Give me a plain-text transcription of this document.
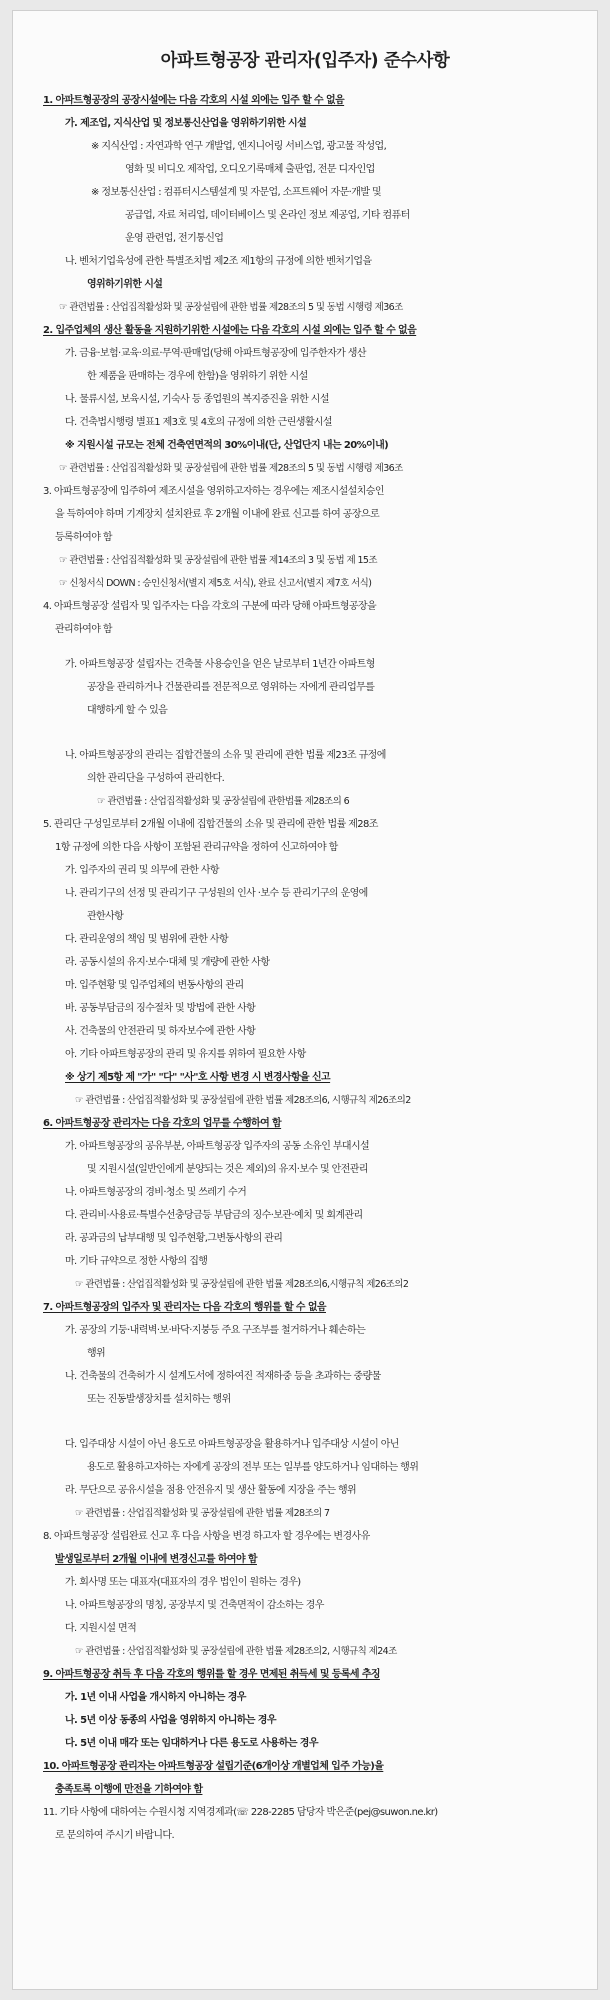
아파트형공장 관리자(입주자) 준수사항
1. 아파트형공장의 공장시설에는 다음 각호의 시설 외에는 입주 할 수 없음
가. 제조업, 지식산업 및 정보통신산업을 영위하기위한 시설
※ 지식산업 : 자연과학 연구 개발업, 엔지니어링 서비스업, 광고물 작성업,
영화 및 비디오 제작업, 오디오기록매체 출판업, 전문 디자인업
※ 정보통신산업 : 컴퓨터시스템설계 및 자문업, 소프트웨어 자문·개발 및
공급업, 자료 처리업, 데이터베이스 및 온라인 정보 제공업, 기타 컴퓨터
운영 관련업, 전기통신업
나. 벤처기업육성에 관한 특별조치법 제2조 제1항의 규정에 의한 벤처기업을
영위하기위한 시설
☞ 관련법률 : 산업집적활성화 및 공장설립에 관한 법률 제28조의 5 및 동법 시행령 제36조
2. 입주업체의 생산 활동을 지원하기위한 시설에는 다음 각호의 시설 외에는 입주 할 수 없음
가. 금융·보험·교육·의료·무역·판매업(당해 아파트형공장에 입주한자가 생산
한 제품을 판매하는 경우에 한함)을 영위하기 위한 시설
나. 물류시설, 보육시설, 기숙사 등 종업원의 복지증진을 위한 시설
다. 건축법시행령 별표1 제3호 및 4호의 규정에 의한 근린생활시설
※ 지원시설 규모는 전체 건축연면적의 30%이내(단, 산업단지 내는 20%이내)
☞ 관련법률 : 산업집적활성화 및 공장설립에 관한 법률 제28조의 5 및 동법 시행령 제36조
3. 아파트형공장에 입주하여 제조시설을 영위하고자하는 경우에는 제조시설설치승인
을 득하여야 하며 기계장치 설치완료 후 2개월 이내에 완료 신고를 하여 공장으로
등록하여야 함
☞ 관련법률 : 산업집적활성화 및 공장설립에 관한 법률 제14조의 3 및 동법 제 15조
☞ 신청서식 DOWN : 승인신청서(별지 제5호 서식), 완료 신고서(별지 제7호 서식)
4. 아파트형공장 설립자 및 입주자는 다음 각호의 구분에 따라 당해 아파트형공장을
관리하여야 함
가. 아파트형공장 설립자는 건축물 사용승인을 얻은 날로부터 1년간 아파트형
공장을 관리하거나 건물관리를 전문적으로 영위하는 자에게 관리업무를
대행하게 할 수 있음
나. 아파트형공장의 관리는 집합건물의 소유 및 관리에 관한 법률 제23조 규정에
의한 관리단을 구성하여 관리한다.
☞ 관련법률 : 산업집적활성화 및 공장설립에 관한법률 제28조의 6
5. 관리단 구성일로부터 2개월 이내에 집합건물의 소유 및 관리에 관한 법률 제28조
1항 규정에 의한 다음 사항이 포함된 관리규약을 정하여 신고하여야 함
가. 입주자의 권리 및 의무에 관한 사항
나. 관리기구의 선정 및 관리기구 구성원의 인사 ·보수 등 관리기구의 운영에
관한사항
다. 관리운영의 책임 및 범위에 관한 사항
라. 공동시설의 유지·보수·대체 및 개량에 관한 사항
마. 입주현황 및 입주업체의 변동사항의 관리
바. 공동부담금의 징수절차 및 방법에 관한 사항
사. 건축물의 안전관리 및 하자보수에 관한 사항
아. 기타 아파트형공장의 관리 및 유지를 위하여 필요한 사항
※ 상기 제5항 제 "가" "다" "사"호 사항 변경 시 변경사항을 신고
☞ 관련법률 : 산업집적활성화 및 공장설립에 관한 법률 제28조의6, 시행규칙 제26조의2
6. 아파트형공장 관리자는 다음 각호의 업무를 수행하여 함
가. 아파트형공장의 공유부분, 아파트형공장 입주자의 공동 소유인 부대시설
및 지원시설(일반인에게 분양되는 것은 제외)의 유지·보수 및 안전관리
나. 아파트형공장의 경비·청소 및 쓰레기 수거
다. 관리비·사용료·특별수선충당금등 부담금의 징수·보관·예치 및 회계관리
라. 공과금의 납부대행 및 입주현황,그변동사항의 관리
마. 기타 규약으로 정한 사항의 집행
☞ 관련법률 : 산업집적활성화 및 공장설립에 관한 법률 제28조의6,시행규칙 제26조의2
7. 아파트형공장의 입주자 및 관리자는 다음 각호의 행위를 할 수 없음
가. 공장의 기둥·내력벽·보·바닥·지붕등 주요 구조부를 철거하거나 훼손하는
행위
나. 건축물의 건축허가 시 설계도서에 정하여진 적재하중 등을 초과하는 중량물
또는 진동발생장치를 설치하는 행위
다. 입주대상 시설이 아닌 용도로 아파트형공장을 활용하거나 입주대상 시설이 아닌
용도로 활용하고자하는 자에게 공장의 전부 또는 일부를 양도하거나 임대하는 행위
라. 무단으로 공유시설을 점용 안전유지 및 생산 활동에 지장을 주는 행위
☞ 관련법률 : 산업집적활성화 및 공장설립에 관한 법률 제28조의 7
8. 아파트형공장 설립완료 신고 후 다음 사항을 변경 하고자 할 경우에는 변경사유
발생일로부터 2개월 이내에 변경신고를 하여야 함
가. 회사명 또는 대표자(대표자의 경우 법인이 원하는 경우)
나. 아파트형공장의 명칭, 공장부지 및 건축면적이 감소하는 경우
다. 지원시설 면적
☞ 관련법률 : 산업집적활성화 및 공장설립에 관한 법률 제28조의2, 시행규칙 제24조
9. 아파트형공장 취득 후 다음 각호의 행위를 할 경우 면제된 취득세 및 등록세 추징
가. 1년 이내 사업을 개시하지 아니하는 경우
나. 5년 이상 동종의 사업을 영위하지 아니하는 경우
다. 5년 이내 매각 또는 임대하거나 다른 용도로 사용하는 경우
10. 아파트형공장 관리자는 아파트형공장 설립기준(6개이상 개별업체 입주 가능)을
충족토록 이행에 만전을 기하여야 함
11. 기타 사항에 대하여는 수원시청 지역경제과(☏ 228-2285 담당자 박은준(pej@suwon.ne.kr)
로 문의하여 주시기 바랍니다.
